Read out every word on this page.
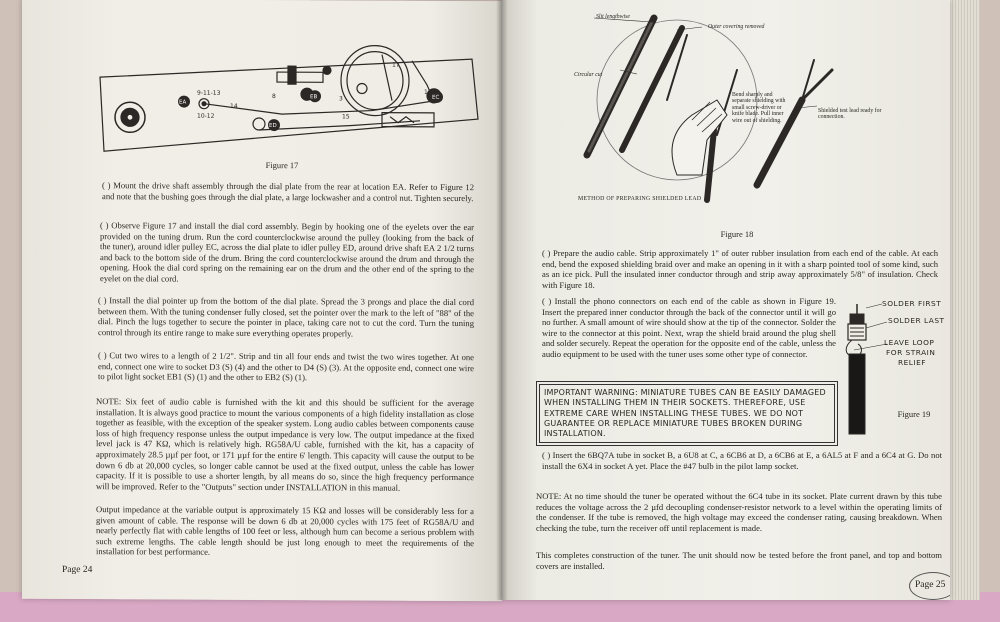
EA
EB	EC
ED
9-11-13
10-12
14
15
16
17
3
8
Figure 17

( ) Mount the drive shaft assembly through the dial plate from the rear at location EA. Refer to Figure 12 and note that the bushing goes through the dial plate, a large lockwasher and a control nut. Tighten securely.

( ) Observe Figure 17 and install the dial cord assembly. Begin by hooking one of the eyelets over the ear provided on the tuning drum. Run the cord counterclockwise around the pulley (looking from the back of the tuner), around idler pulley EC, across the dial plate to idler pulley ED, around drive shaft EA 2 1/2 turns and back to the bottom side of the drum. Bring the cord counterclockwise around the drum and through the opening. Hook the dial cord spring on the remaining ear on the drum and the other end of the spring to the eyelet on the dial cord.

( ) Install the dial pointer up from the bottom of the dial plate. Spread the 3 prongs and place the dial cord between them. With the tuning condenser fully closed, set the pointer over the mark to the left of "88" of the dial. Pinch the lugs together to secure the pointer in place, taking care not to cut the cord. Turn the tuning control through its entire range to make sure everything operates properly.

( ) Cut two wires to a length of 2 1/2". Strip and tin all four ends and twist the two wires together. At one end, connect one wire to socket D3 (S) (4) and the other to D4 (S) (3). At the opposite end, connect one wire to pilot light socket EB1 (S) (1) and the other to EB2 (S) (1).

NOTE: Six feet of audio cable is furnished with the kit and this should be sufficient for the average installation. It is always good practice to mount the various components of a high fidelity installation as close together as feasible, with the exception of the speaker system. Long audio cables between components cause loss of high frequency response unless the output impedance is very low. The output impedance at the fixed level jack is 47 KΩ, which is relatively high. RG58A/U cable, furnished with the kit, has a capacity of approximately 28.5 µµf per foot, or 171 µµf for the entire 6' length. This capacity will cause the output to be down 6 db at 20,000 cycles, so longer cable cannot be used at the fixed output, unless the cable has lower capacity. If it is possible to use a shorter length, by all means do so, since the high frequency performance will be improved. Refer to the "Outputs" section under INSTALLATION in this manual.

Output impedance at the variable output is approximately 15 KΩ and losses will be considerably less for a given amount of cable. The response will be down 6 db at 20,000 cycles with 175 feet of RG58A/U and nearly perfectly flat with cable lengths of 100 feet or less, although hum can become a serious problem with such extreme lengths. The cable length should be just long enough to meet the requirements of the installation for best performance.

Page 24
Slit lengthwise
Outer covering removed
Circular cut
Bend sharply and separate shielding with small screw-driver or knife blade. Pull inner wire out of shielding.
Shielded test lead ready for connection.
METHOD OF PREPARING SHIELDED LEAD
Figure 18

( ) Prepare the audio cable. Strip approximately 1" of outer rubber insulation from each end of the cable. At each end, bend the exposed shielding braid over and make an opening in it with a sharp pointed tool of some kind, such as an ice pick. Pull the insulated inner conductor through and strip away approximately 5/8" of insulation. Check with Figure 18.

( ) Install the phono connectors on each end of the cable as shown in Figure 19. Insert the prepared inner conductor through the back of the connector until it will go no further. A small amount of wire should show at the tip of the connector. Solder the wire to the connector at this point. Next, wrap the shield braid around the plug shell and solder securely. Repeat the operation for the opposite end of the cable, unless the audio equipment to be used with the tuner uses some other type of connector.

SOLDER FIRST
SOLDER LAST
LEAVE LOOP
FOR STRAIN
RELIEF
Figure 19
IMPORTANT WARNING: MINIATURE TUBES CAN BE EASILY DAMAGED WHEN INSTALLING THEM IN THEIR SOCKETS. THEREFORE, USE EXTREME CARE WHEN INSTALLING THESE TUBES. WE DO NOT GUARANTEE OR REPLACE MINIATURE TUBES BROKEN DURING INSTALLATION.

( ) Insert the 6BQ7A tube in socket B, a 6U8 at C, a 6CB6 at D, a 6CB6 at E, a 6AL5 at F and a 6C4 at G. Do not install the 6X4 in socket A yet. Place the #47 bulb in the pilot lamp socket.

NOTE: At no time should the tuner be operated without the 6C4 tube in its socket. Plate current drawn by this tube reduces the voltage across the 2 µfd decoupling condenser-resistor network to a level within the operating limits of the condenser. If the tube is removed, the high voltage may exceed the condenser rating, causing breakdown. When checking the tube, turn the receiver off until replacement is made.

This completes construction of the tuner. The unit should now be tested before the front panel, and top and bottom covers are installed.

Page 25
